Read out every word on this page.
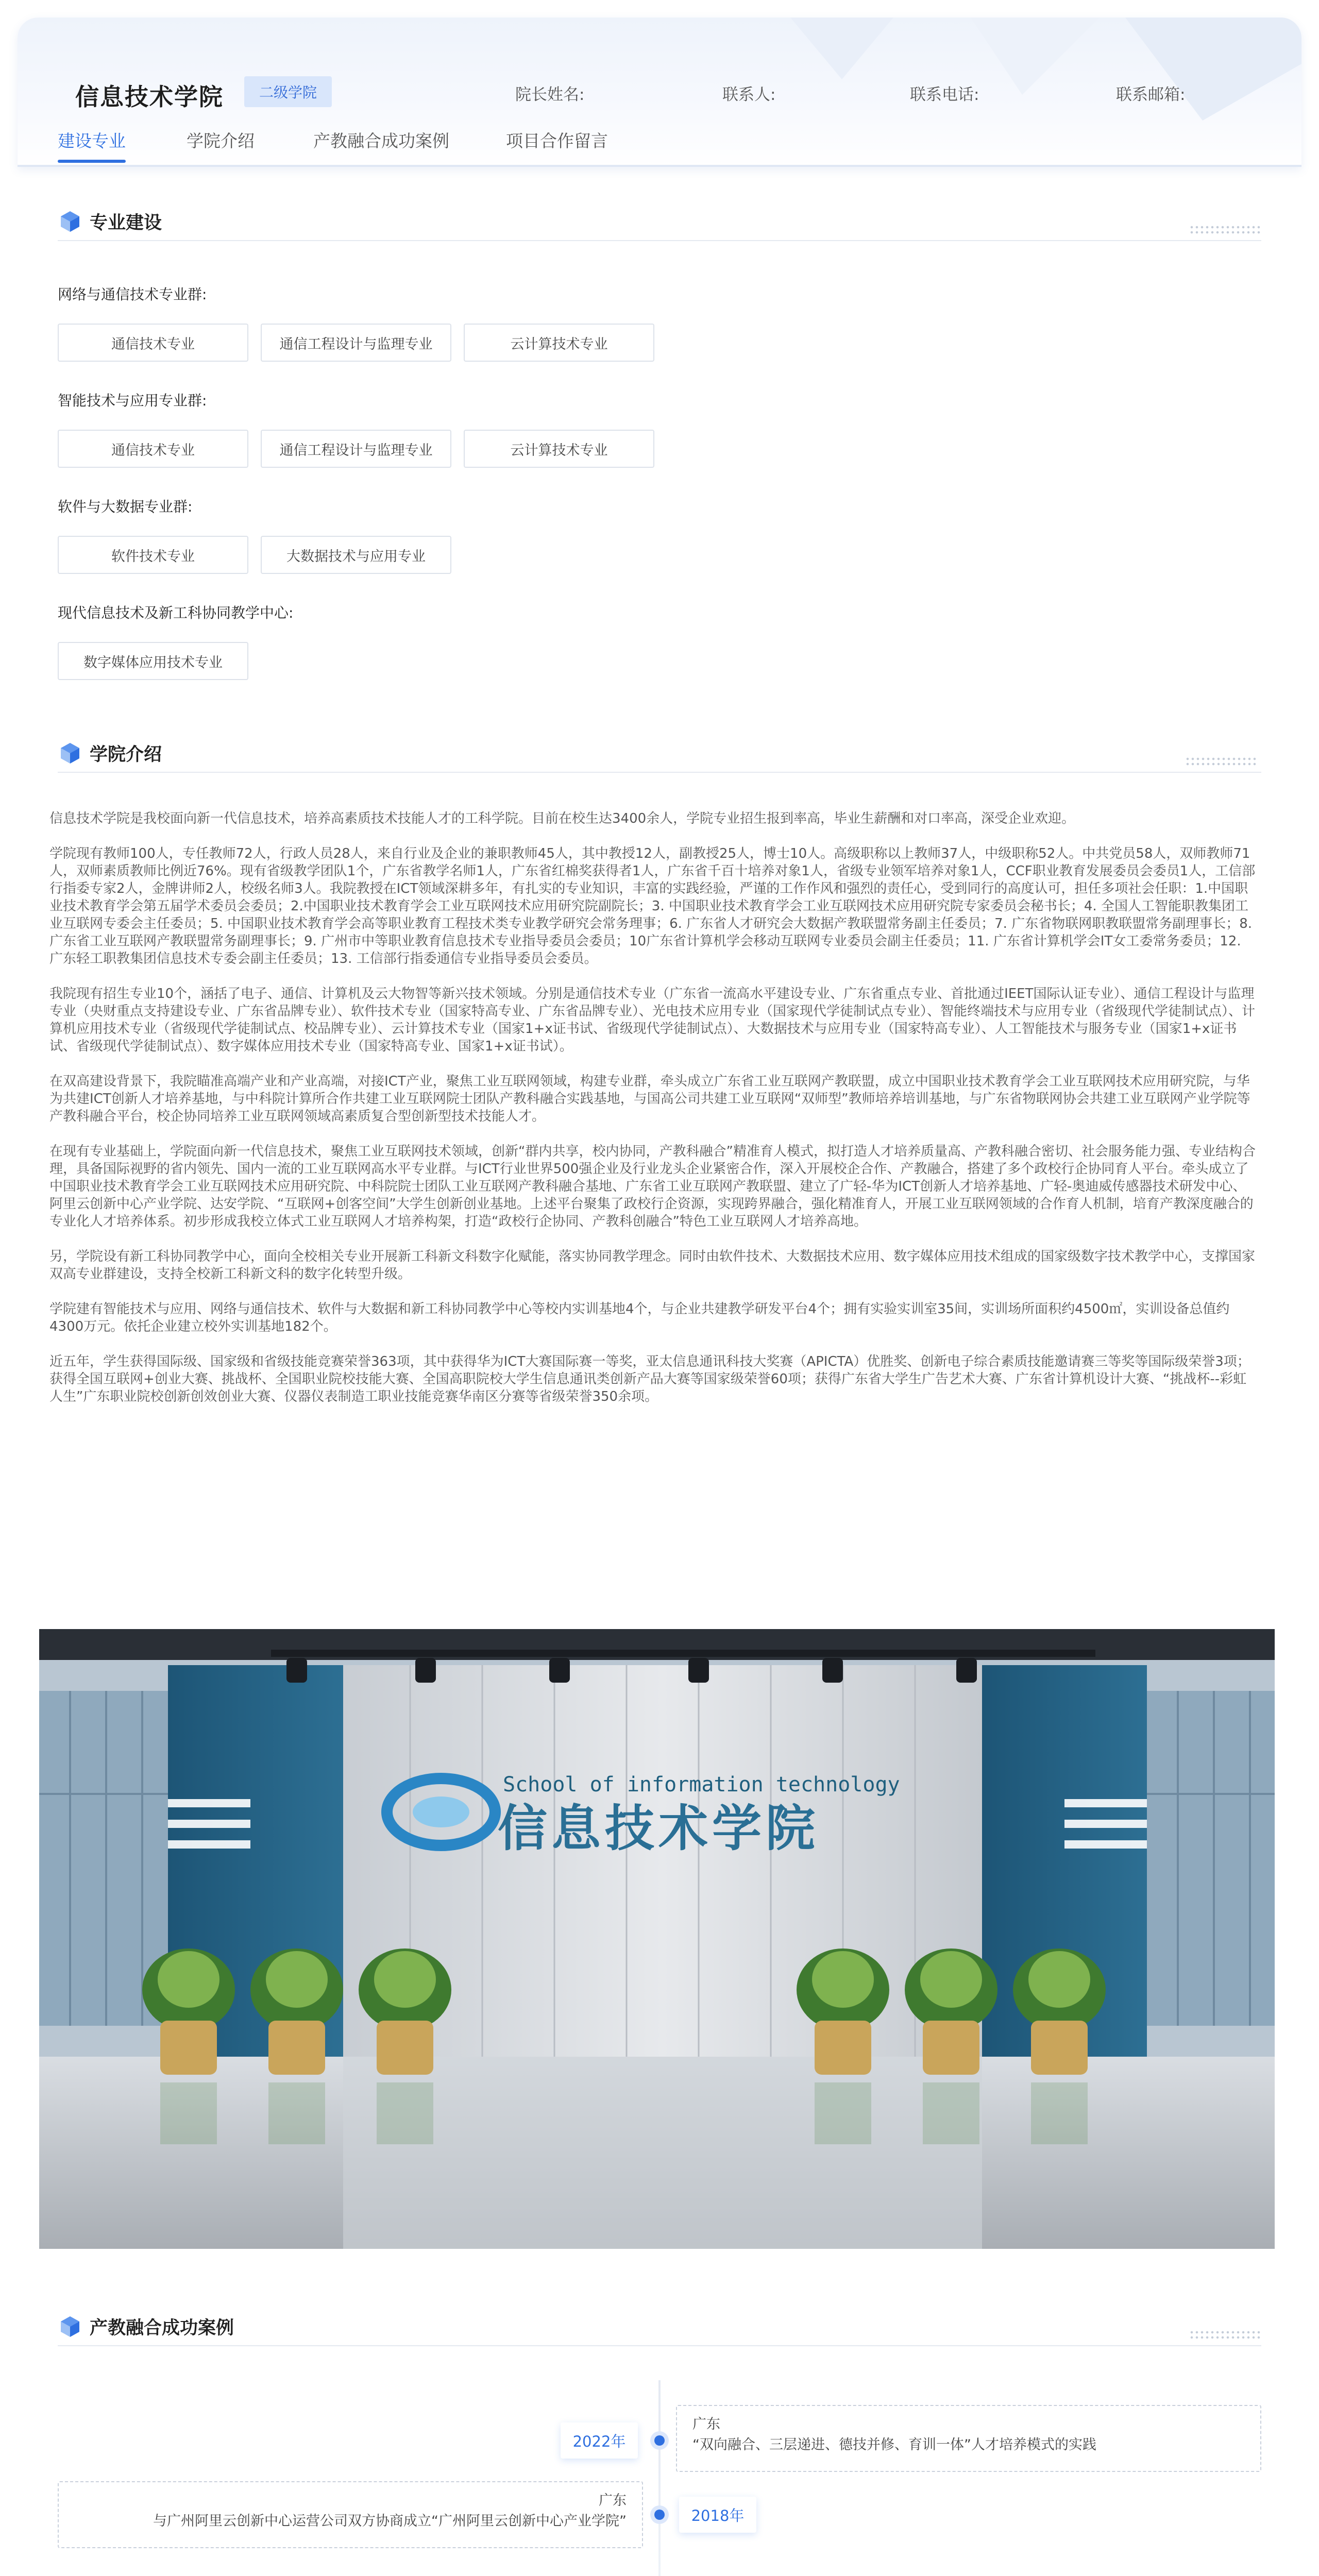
信息技术学院	二级学院	院长姓名:	联系人:	联系电话:	联系邮箱:
建设专业	学院介绍	产教融合成功案例	项目合作留言
专业建设
网络与通信技术专业群:
通信技术专业	通信工程设计与监理专业	云计算技术专业
智能技术与应用专业群:
通信技术专业	通信工程设计与监理专业	云计算技术专业
软件与大数据专业群:
软件技术专业	大数据技术与应用专业
现代信息技术及新工科协同教学中心:
数字媒体应用技术专业
学院介绍

信息技术学院是我校面向新一代信息技术，培养高素质技术技能人才的工科学院。目前在校生达3400余人，学院专业招生报到率高，毕业生薪酬和对口率高，深受企业欢迎。

学院现有教师100人，专任教师72人，行政人员28人，来自行业及企业的兼职教师45人，其中教授12人，副教授25人，博士10人。高级职称以上教师37人，中级职称52人。中共党员58人，双师教师71人，双师素质教师比例近76%。现有省级教学团队1个，广东省教学名师1人，广东省红棉奖获得者1人，广东省千百十培养对象1人，省级专业领军培养对象1人，CCF职业教育发展委员会委员1人，工信部行指委专家2人，金牌讲师2人，校级名师3人。我院教授在ICT领域深耕多年，有扎实的专业知识，丰富的实践经验，严谨的工作作风和强烈的责任心，受到同行的高度认可，担任多项社会任职：1.中国职业技术教育学会第五届学术委员会委员；2.中国职业技术教育学会工业互联网技术应用研究院副院长；3. 中国职业技术教育学会工业互联网技术应用研究院专家委员会秘书长；4. 全国人工智能职教集团工业互联网专委会主任委员；5. 中国职业技术教育学会高等职业教育工程技术类专业教学研究会常务理事；6. 广东省人才研究会大数据产教联盟常务副主任委员；7. 广东省物联网职教联盟常务副理事长；8. 广东省工业互联网产教联盟常务副理事长；9. 广州市中等职业教育信息技术专业指导委员会委员；10广东省计算机学会移动互联网专业委员会副主任委员；11. 广东省计算机学会IT女工委常务委员；12. 广东轻工职教集团信息技术专委会副主任委员；13. 工信部行指委通信专业指导委员会委员。

我院现有招生专业10个，涵括了电子、通信、计算机及云大物智等新兴技术领域。分别是通信技术专业（广东省一流高水平建设专业、广东省重点专业、首批通过IEET国际认证专业）、通信工程设计与监理专业（央财重点支持建设专业、广东省品牌专业）、软件技术专业（国家特高专业、广东省品牌专业）、光电技术应用专业（国家现代学徒制试点专业）、智能终端技术与应用专业（省级现代学徒制试点）、计算机应用技术专业（省级现代学徒制试点、校品牌专业）、云计算技术专业（国家1+x证书试、省级现代学徒制试点）、大数据技术与应用专业（国家特高专业）、人工智能技术与服务专业（国家1+x证书试、省级现代学徒制试点）、数字媒体应用技术专业（国家特高专业、国家1+x证书试）。

在双高建设背景下，我院瞄准高端产业和产业高端，对接ICT产业，聚焦工业互联网领域，构建专业群，牵头成立广东省工业互联网产教联盟，成立中国职业技术教育学会工业互联网技术应用研究院，与华为共建ICT创新人才培养基地，与中科院计算所合作共建工业互联网院士团队产教科融合实践基地，与国高公司共建工业互联网“双师型”教师培养培训基地，与广东省物联网协会共建工业互联网产业学院等产教科融合平台，校企协同培养工业互联网领域高素质复合型创新型技术技能人才。

在现有专业基础上，学院面向新一代信息技术，聚焦工业互联网技术领域，创新“群内共享，校内协同，产教科融合”精准育人模式，拟打造人才培养质量高、产教科融合密切、社会服务能力强、专业结构合理，具备国际视野的省内领先、国内一流的工业互联网高水平专业群。与ICT行业世界500强企业及行业龙头企业紧密合作，深入开展校企合作、产教融合，搭建了多个政校行企协同育人平台。牵头成立了中国职业技术教育学会工业互联网技术应用研究院、中科院院士团队工业互联网产教科融合基地、广东省工业互联网产教联盟、建立了广轻-华为ICT创新人才培养基地、广轻-奥迪威传感器技术研发中心、阿里云创新中心产业学院、达安学院、“互联网+创客空间”大学生创新创业基地。上述平台聚集了政校行企资源，实现跨界融合，强化精准育人，开展工业互联网领域的合作育人机制，培育产教深度融合的专业化人才培养体系。初步形成我校立体式工业互联网人才培养构架，打造“政校行企协同、产教科创融合”特色工业互联网人才培养高地。

另，学院设有新工科协同教学中心，面向全校相关专业开展新工科新文科数字化赋能，落实协同教学理念。同时由软件技术、大数据技术应用、数字媒体应用技术组成的国家级数字技术教学中心，支撑国家双高专业群建设，支持全校新工科新文科的数字化转型升级。

学院建有智能技术与应用、网络与通信技术、软件与大数据和新工科协同教学中心等校内实训基地4个，与企业共建教学研发平台4个；拥有实验实训室35间，实训场所面积约4500㎡，实训设备总值约4300万元。依托企业建立校外实训基地182个。

近五年，学生获得国际级、国家级和省级技能竞赛荣誉363项，其中获得华为ICT大赛国际赛一等奖，亚太信息通讯科技大奖赛（APICTA）优胜奖、创新电子综合素质技能邀请赛三等奖等国际级荣誉3项；获得全国互联网+创业大赛、挑战杯、全国职业院校技能大赛、全国高职院校大学生信息通讯类创新产品大赛等国家级荣誉60项；获得广东省大学生广告艺术大赛、广东省计算机设计大赛、“挑战杯--彩虹人生”广东职业院校创新创效创业大赛、仪器仪表制造工职业技能竞赛华南区分赛等省级荣誉350余项。

School of information technology
信息技术学院
产教融合成功案例
2022年
广东
“双向融合、三层递进、德技并修、育训一体”人才培养模式的实践
2018年
广东
与广州阿里云创新中心运营公司双方协商成立“广州阿里云创新中心产业学院”
